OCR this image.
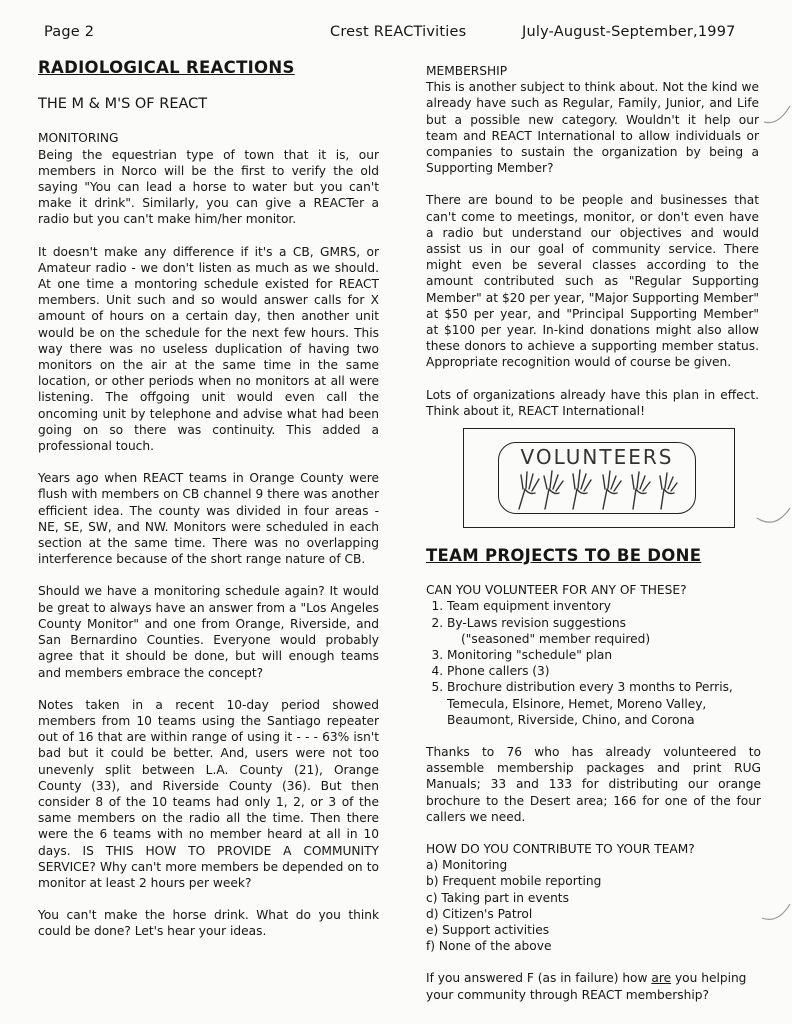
Page 2	Crest REACTivities	July-August-September,1997
RADIOLOGICAL REACTIONS
THE M & M'S OF REACT
MONITORING

Being the equestrian type of town that it is, our members in Norco will be the first to verify the old saying "You can lead a horse to water but you can't make it drink". Similarly, you can give a REACTer a radio but you can't make him/her monitor.

It doesn't make any difference if it's a CB, GMRS, or Amateur radio - we don't listen as much as we should. At one time a montoring schedule existed for REACT members. Unit such and so would answer calls for X amount of hours on a certain day, then another unit would be on the schedule for the next few hours. This way there was no useless duplication of having two monitors on the air at the same time in the same location, or other periods when no monitors at all were listening. The offgoing unit would even call the oncoming unit by telephone and advise what had been going on so there was continuity. This added a professional touch.

Years ago when REACT teams in Orange County were flush with members on CB channel 9 there was another efficient idea. The county was divided in four areas - NE, SE, SW, and NW. Monitors were scheduled in each section at the same time. There was no overlapping interference because of the short range nature of CB.

Should we have a monitoring schedule again? It would be great to always have an answer from a "Los Angeles County Monitor" and one from Orange, Riverside, and San Bernardino Counties. Everyone would probably agree that it should be done, but will enough teams and members embrace the concept?

Notes taken in a recent 10-day period showed members from 10 teams using the Santiago repeater out of 16 that are within range of using it - - - 63% isn't bad but it could be better. And, users were not too unevenly split between L.A. County (21), Orange County (33), and Riverside County (36). But then consider 8 of the 10 teams had only 1, 2, or 3 of the same members on the radio all the time. Then there were the 6 teams with no member heard at all in 10 days. IS THIS HOW TO PROVIDE A COMMUNITY SERVICE? Why can't more members be depended on to monitor at least 2 hours per week?

You can't make the horse drink. What do you think could be done? Let's hear your ideas.

MEMBERSHIP

This is another subject to think about. Not the kind we already have such as Regular, Family, Junior, and Life but a possible new category. Wouldn't it help our team and REACT International to allow individuals or companies to sustain the organization by being a Supporting Member?

There are bound to be people and businesses that can't come to meetings, monitor, or don't even have a radio but understand our objectives and would assist us in our goal of community service. There might even be several classes according to the amount contributed such as "Regular Supporting Member" at $20 per year, "Major Supporting Member" at $50 per year, and "Principal Supporting Member" at $100 per year. In-kind donations might also allow these donors to achieve a supporting member status. Appropriate recognition would of course be given.

Lots of organizations already have this plan in effect. Think about it, REACT International!

VOLUNTEERS
TEAM PROJECTS TO BE DONE
CAN YOU VOLUNTEER FOR ANY OF THESE?
1. Team equipment inventory
2. By-Laws revision suggestions
("seasoned" member required)
3. Monitoring "schedule" plan
4. Phone callers (3)
5. Brochure distribution every 3 months to Perris, Temecula, Elsinore, Hemet, Moreno Valley, Beaumont, Riverside, Chino, and Corona

Thanks to 76 who has already volunteered to assemble membership packages and print RUG Manuals; 33 and 133 for distributing our orange brochure to the Desert area; 166 for one of the four callers we need.

HOW DO YOU CONTRIBUTE TO YOUR TEAM?
a) Monitoring
b) Frequent mobile reporting
c) Taking part in events
d) Citizen's Patrol
e) Support activities
f) None of the above

If you answered F (as in failure) how are you helping your community through REACT membership?
